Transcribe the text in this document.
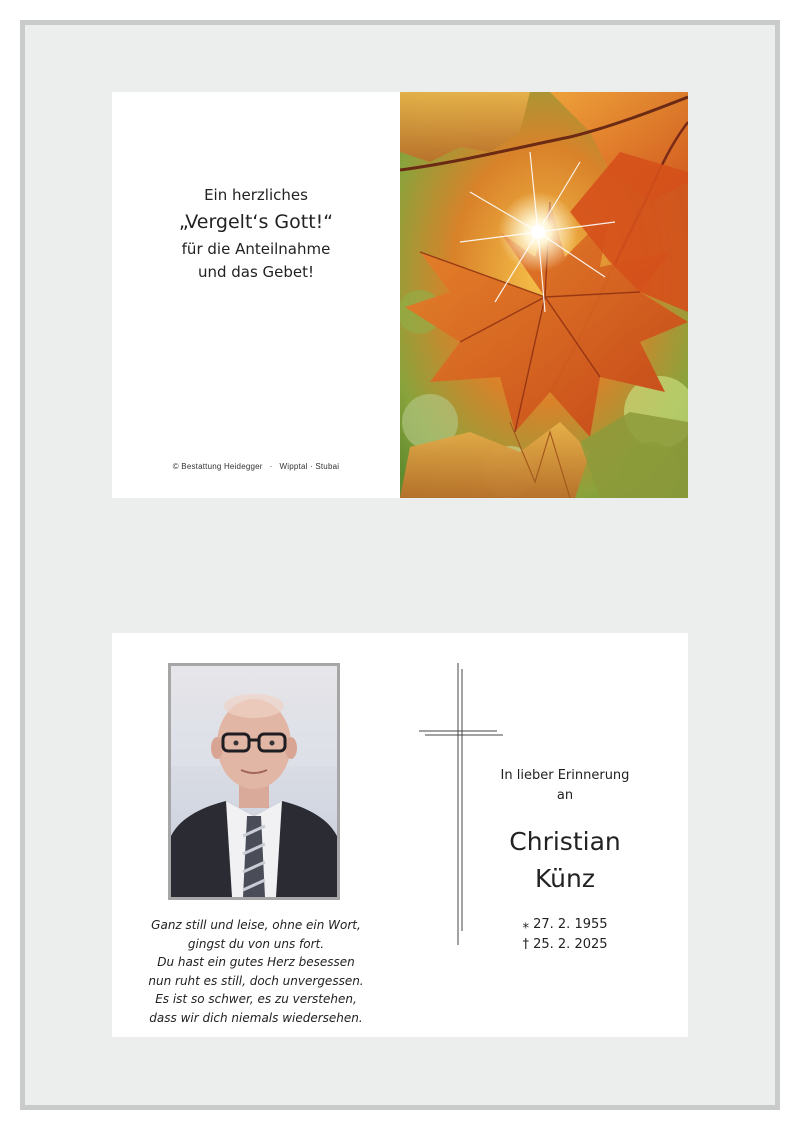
Ein herzliches
„Vergelt‘s Gott!“
für die Anteilnahme
und das Gebet!
© Bestattung Heidegger · Wipptal · Stubai
Ganz still und leise, ohne ein Wort,
gingst du von uns fort.
Du hast ein gutes Herz besessen
nun ruht es still, doch unvergessen.
Es ist so schwer, es zu verstehen,
dass wir dich niemals wiedersehen.
In lieber Erinnerung
an
Christian
Künz
⁎ 27. 2. 1955
† 25. 2. 2025
